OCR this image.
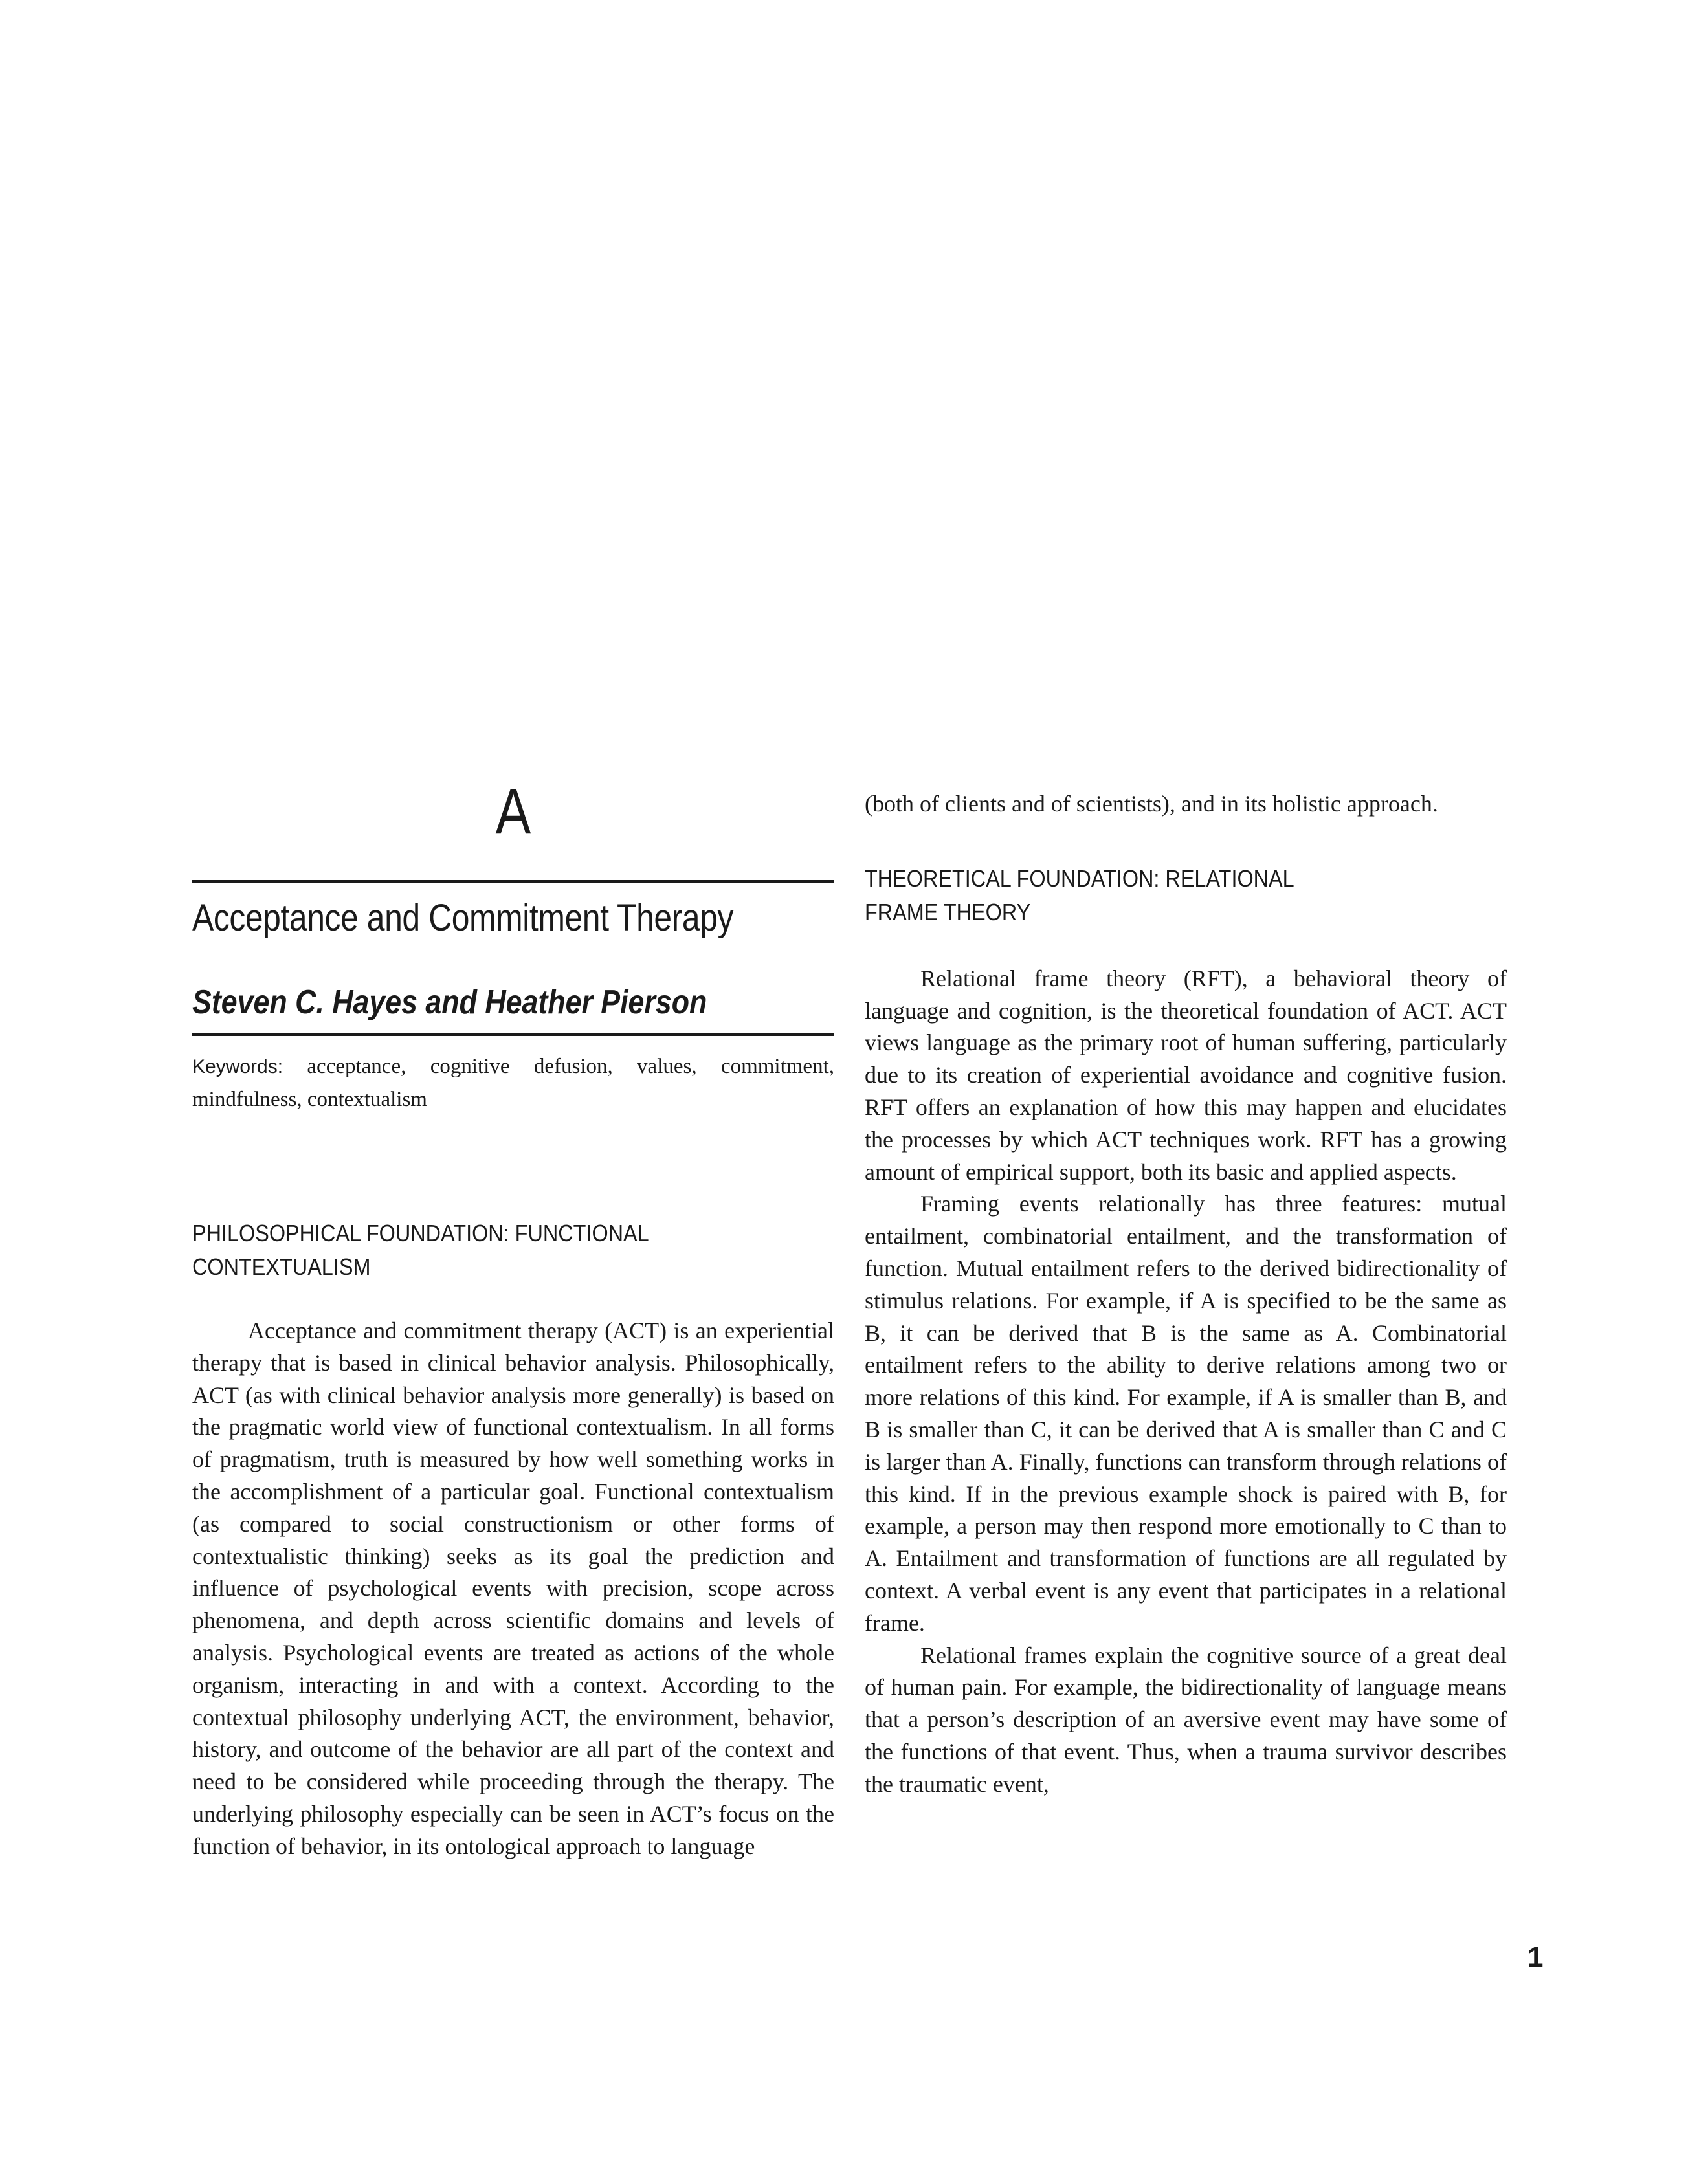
A
Acceptance and Commitment Therapy
Steven C. Hayes and Heather Pierson
Keywords: acceptance, cognitive defusion, values, commitment, mindfulness, contextualism
PHILOSOPHICAL FOUNDATION: FUNCTIONAL
CONTEXTUALISM

Acceptance and commitment therapy (ACT) is an experiential therapy that is based in clinical behavior analysis. Philosophically, ACT (as with clinical behavior analysis more generally) is based on the pragmatic world view of functional contextualism. In all forms of pragmatism, truth is measured by how well something works in the accomplishment of a particular goal. Functional contextualism (as compared to social constructionism or other forms of contextualistic thinking) seeks as its goal the prediction and influence of psychological events with precision, scope across phenomena, and depth across scientific domains and levels of analysis. Psychological events are treated as actions of the whole organism, interacting in and with a context. According to the contextual philosophy underlying ACT, the environment, behavior, history, and outcome of the behavior are all part of the context and need to be considered while proceeding through the therapy. The underlying philosophy especially can be seen in ACT’s focus on the function of behavior, in its ontological approach to language

(both of clients and of scientists), and in its holistic approach.

THEORETICAL FOUNDATION: RELATIONAL
FRAME THEORY

Relational frame theory (RFT), a behavioral theory of language and cognition, is the theoretical foundation of ACT. ACT views language as the primary root of human suffering, particularly due to its creation of experiential avoidance and cognitive fusion. RFT offers an explanation of how this may happen and elucidates the processes by which ACT techniques work. RFT has a growing amount of empirical support, both its basic and applied aspects.

Framing events relationally has three features: mutual entailment, combinatorial entailment, and the transformation of function. Mutual entailment refers to the derived bidirectionality of stimulus relations. For example, if A is specified to be the same as B, it can be derived that B is the same as A. Combinatorial entailment refers to the ability to derive relations among two or more relations of this kind. For example, if A is smaller than B, and B is smaller than C, it can be derived that A is smaller than C and C is larger than A. Finally, functions can transform through relations of this kind. If in the previous example shock is paired with B, for example, a person may then respond more emotionally to C than to A. Entailment and transformation of functions are all regulated by context. A verbal event is any event that participates in a relational frame.

Relational frames explain the cognitive source of a great deal of human pain. For example, the bidirectionality of language means that a person’s description of an aversive event may have some of the functions of that event. Thus, when a trauma survivor describes the traumatic event,

1
